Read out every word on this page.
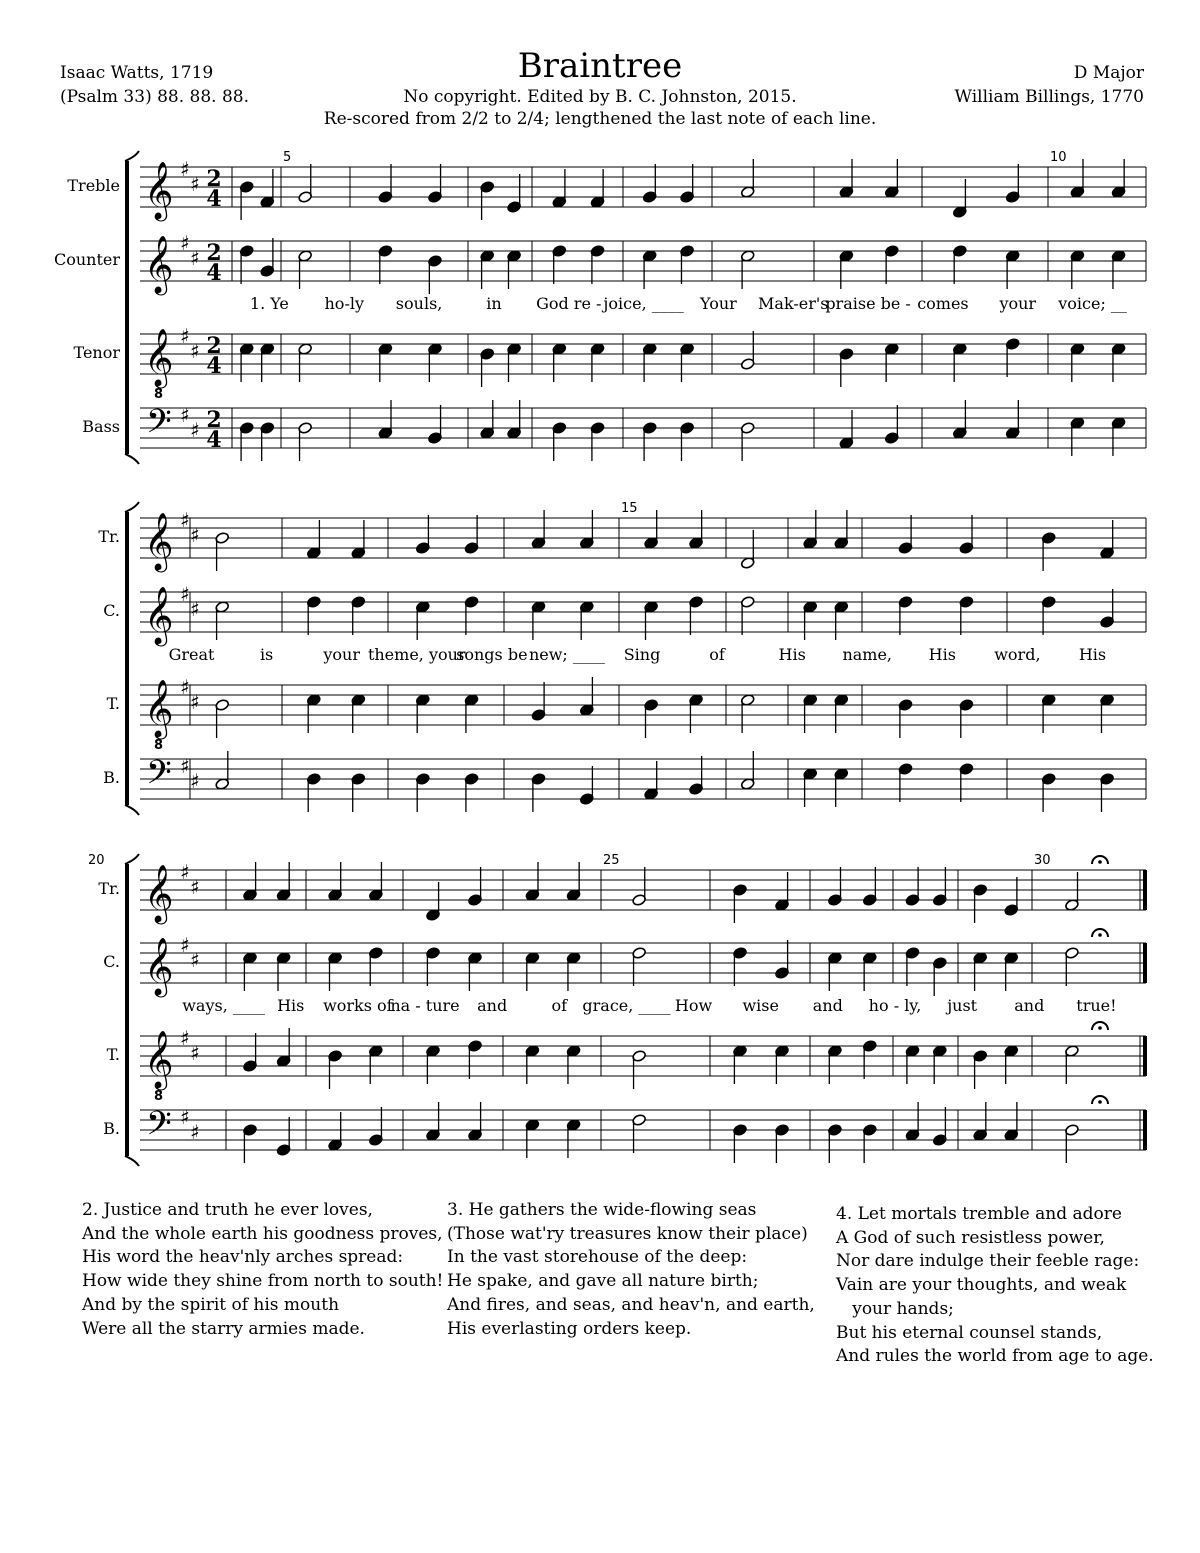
Braintree
No copyright. Edited by B. C. Johnston, 2015.
Re-scored from 2/2 to 2/4; lengthened the last note of each line.
Isaac Watts, 1719
(Psalm 33) 88. 88. 88.
D Major
William Billings, 1770
𝄞 ♯
♯ 2
4
Treble
𝄞 ♯
♯ 2
4
Counter
𝄞
8
♯
♯ 2
4
Tenor
𝄢 ♯
♯ 2
4
Bass
5	10
1. Ye ho-ly souls,	in God re - joice, ____ Your Mak-er's
praise be - comes your voice; __
𝄞 ♯
♯
Tr.
𝄞 ♯
♯
C.
𝄞
8
♯
♯
T.
𝄢 ♯
♯
B.
15
Great	is	your theme, your
songs be new; ____ Sing	of	His name, His word, His
𝄞 ♯
♯
Tr.
𝄞 ♯
♯
C.
𝄞
8
♯
♯
T.
𝄢 ♯
♯
B.
20	25	30
ways, ____ His works of
na - ture and	of grace, ____ How wise and ho - ly, just and true!
2. Justice and truth he ever loves,
And the whole earth his goodness proves,
His word the heav'nly arches spread:
How wide they shine from north to south!
And by the spirit of his mouth
Were all the starry armies made.
3. He gathers the wide-flowing seas
(Those wat'ry treasures know their place)
In the vast storehouse of the deep:
He spake, and gave all nature birth;
And fires, and seas, and heav'n, and earth,
His everlasting orders keep.
4. Let mortals tremble and adore
A God of such resistless power,
Nor dare indulge their feeble rage:
Vain are your thoughts, and weak
your hands;
But his eternal counsel stands,
And rules the world from age to age.
